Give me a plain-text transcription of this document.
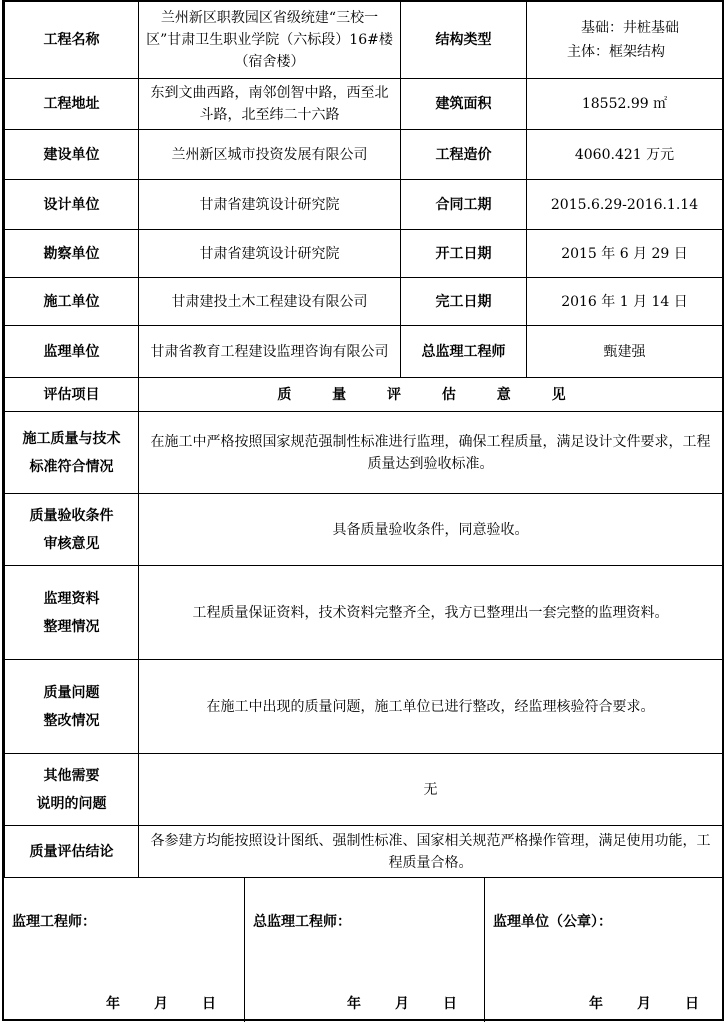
工程名称	兰州新区职教园区省级统建“三校一区”甘肃卫生职业学院（六标段）16#楼（宿舍楼）	结构类型	基础：井桩基础
主体：框架结构

工程地址	东到文曲西路，南邻创智中路，西至北斗路，北至纬二十六路	建筑面积	18552.99 ㎡
建设单位	兰州新区城市投资发展有限公司	工程造价	4060.421 万元
设计单位	甘肃省建筑设计研究院	合同工期	2015.6.29-2016.1.14
勘察单位	甘肃省建筑设计研究院	开工日期	2015 年 6 月 29 日
施工单位	甘肃建投土木工程建设有限公司	完工日期	2016 年 1 月 14 日
监理单位	甘肃省教育工程建设监理咨询有限公司	总监理工程师	甄建强
评估项目	质 量 评 估 意 见		

施工质量与技术
标准符合情况	在施工中严格按照国家规范强制性标准进行监理，确保工程质量，满足设计文件要求，工程质量达到验收标准。		

质量验收条件
审核意见	具备质量验收条件，同意验收。		

监理资料
整理情况	工程质量保证资料，技术资料完整齐全，我方已整理出一套完整的监理资料。		

质量问题
整改情况	在施工中出现的质量问题，施工单位已进行整改，经监理核验符合要求。		

其他需要
说明的问题	无		
质量评估结论	各参建方均能按照设计图纸、强制性标准、国家相关规范严格操作管理，满足使用功能，工程质量合格。		
监理工程师：
年 月 日
总监理工程师：
年 月 日
监理单位（公章）：
年 月 日
